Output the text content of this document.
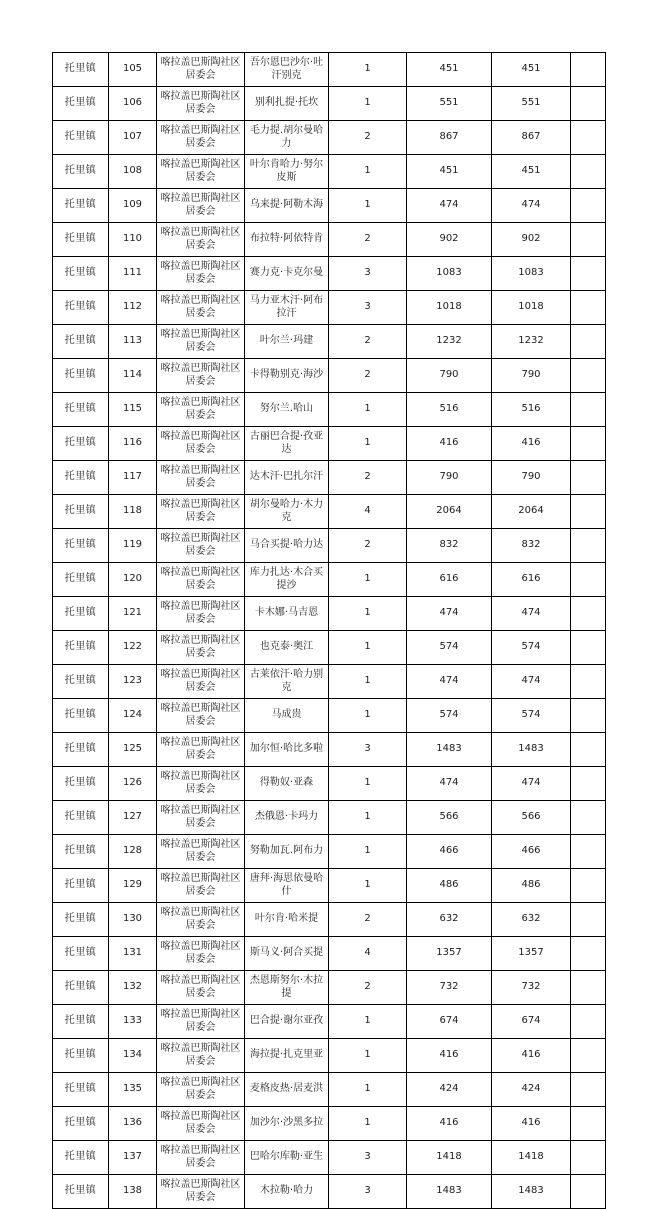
托里镇	105	喀拉盖巴斯陶社区居委会	吾尔恩巴沙尔·吐汗别克	1	451	451	
托里镇	106	喀拉盖巴斯陶社区居委会	别利扎提·托坎	1	551	551	
托里镇	107	喀拉盖巴斯陶社区居委会	毛力提.胡尔曼哈力	2	867	867	
托里镇	108	喀拉盖巴斯陶社区居委会	叶尔肯哈力·努尔皮斯	1	451	451	
托里镇	109	喀拉盖巴斯陶社区居委会	乌来提·阿勒木海	1	474	474	
托里镇	110	喀拉盖巴斯陶社区居委会	布拉特·阿依特肯	2	902	902	
托里镇	111	喀拉盖巴斯陶社区居委会	赛力克·卡克尔曼	3	1083	1083	
托里镇	112	喀拉盖巴斯陶社区居委会	马力亚木汗·阿布拉汗	3	1018	1018	
托里镇	113	喀拉盖巴斯陶社区居委会	叶尔兰·玛建	2	1232	1232	
托里镇	114	喀拉盖巴斯陶社区居委会	卡得勒别克·海沙	2	790	790	
托里镇	115	喀拉盖巴斯陶社区居委会	努尔兰.哈山	1	516	516	
托里镇	116	喀拉盖巴斯陶社区居委会	古丽巴合提·孜亚达	1	416	416	
托里镇	117	喀拉盖巴斯陶社区居委会	达木汗·巴扎尔汗	2	790	790	
托里镇	118	喀拉盖巴斯陶社区居委会	胡尔曼哈力·木力克	4	2064	2064	
托里镇	119	喀拉盖巴斯陶社区居委会	马合买提·哈力达	2	832	832	
托里镇	120	喀拉盖巴斯陶社区居委会	库力扎达·木合买提沙	1	616	616	
托里镇	121	喀拉盖巴斯陶社区居委会	卡木娜·马吉恩	1	474	474	
托里镇	122	喀拉盖巴斯陶社区居委会	也克泰·奥江	1	574	574	
托里镇	123	喀拉盖巴斯陶社区居委会	古莱依汗·哈力别克	1	474	474	
托里镇	124	喀拉盖巴斯陶社区居委会	马成贵	1	574	574	
托里镇	125	喀拉盖巴斯陶社区居委会	加尔恒·哈比多啦	3	1483	1483	
托里镇	126	喀拉盖巴斯陶社区居委会	得勒奴·亚森	1	474	474	
托里镇	127	喀拉盖巴斯陶社区居委会	杰俄恩·卡玛力	1	566	566	
托里镇	128	喀拉盖巴斯陶社区居委会	努勒加瓦.阿布力	1	466	466	
托里镇	129	喀拉盖巴斯陶社区居委会	唐拜·海思依曼哈什	1	486	486	
托里镇	130	喀拉盖巴斯陶社区居委会	叶尔肯·哈米提	2	632	632	
托里镇	131	喀拉盖巴斯陶社区居委会	斯马义·阿合买提	4	1357	1357	
托里镇	132	喀拉盖巴斯陶社区居委会	杰恩斯努尔·木拉提	2	732	732	
托里镇	133	喀拉盖巴斯陶社区居委会	巴合提·谢尔亚孜	1	674	674	
托里镇	134	喀拉盖巴斯陶社区居委会	海拉提·扎克里亚	1	416	416	
托里镇	135	喀拉盖巴斯陶社区居委会	麦格皮热·居麦洪	1	424	424	
托里镇	136	喀拉盖巴斯陶社区居委会	加沙尔·沙黑多拉	1	416	416	
托里镇	137	喀拉盖巴斯陶社区居委会	巴哈尔库勒·亚生	3	1418	1418	
托里镇	138	喀拉盖巴斯陶社区居委会	木拉勒·哈力	3	1483	1483	
